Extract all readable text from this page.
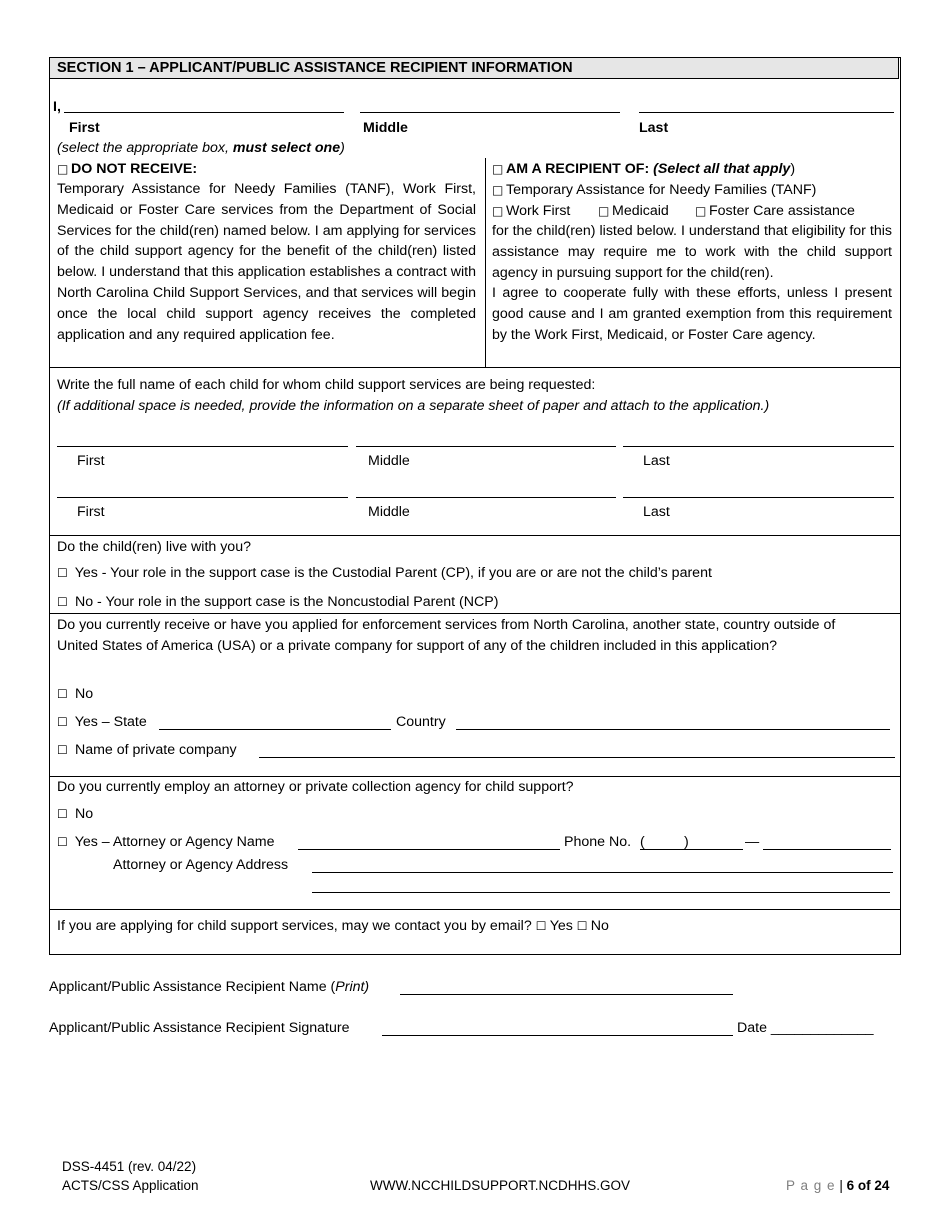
SECTION 1 – APPLICANT/PUBLIC ASSISTANCE RECIPIENT INFORMATION
I,
First	Middle	Last
(select the appropriate box, must select one)
□ DO NOT RECEIVE:

Temporary Assistance for Needy Families (TANF), Work First, Medicaid or Foster Care services from the Department of Social Services for the child(ren) named below. I am applying for services of the child support agency for the benefit of the child(ren) listed below. I understand that this application establishes a contract with North Carolina Child Support Services, and that services will begin once the local child support agency receives the completed application and any required application fee.

□ AM A RECIPIENT OF: (Select all that apply)
□ Temporary Assistance for Needy Families (TANF)
□ Work First □ Medicaid □ Foster Care assistance

for the child(ren) listed below. I understand that eligibility for this assistance may require me to work with the child support agency in pursuing support for the child(ren).

I agree to cooperate fully with these efforts, unless I present good cause and I am granted exemption from this requirement by the Work First, Medicaid, or Foster Care agency.

Write the full name of each child for whom child support services are being requested:
(If additional space is needed, provide the information on a separate sheet of paper and attach to the application.)
First	Middle	Last
First	Middle	Last
Do the child(ren) live with you?
☐ Yes - Your role in the support case is the Custodial Parent (CP), if you are or are not the child’s parent
☐ No - Your role in the support case is the Noncustodial Parent (NCP)
Do you currently receive or have you applied for enforcement services from North Carolina, another state, country outside of United States of America (USA) or a private company for support of any of the children included in this application?
☐ No
☐ Yes – State	Country
☐ Name of private company
Do you currently employ an attorney or private collection agency for child support?
☐ No
☐ Yes – Attorney or Agency Name	Phone No. (	)	—
Attorney or Agency Address
If you are applying for child support services, may we contact you by email? ☐ Yes ☐ No
Applicant/Public Assistance Recipient Name (Print)
Applicant/Public Assistance Recipient Signature	Date _____________
DSS-4451 (rev. 04/22)
ACTS/CSS Application	WWW.NCCHILDSUPPORT.NCDHHS.GOV	P a g e | 6 of 24
